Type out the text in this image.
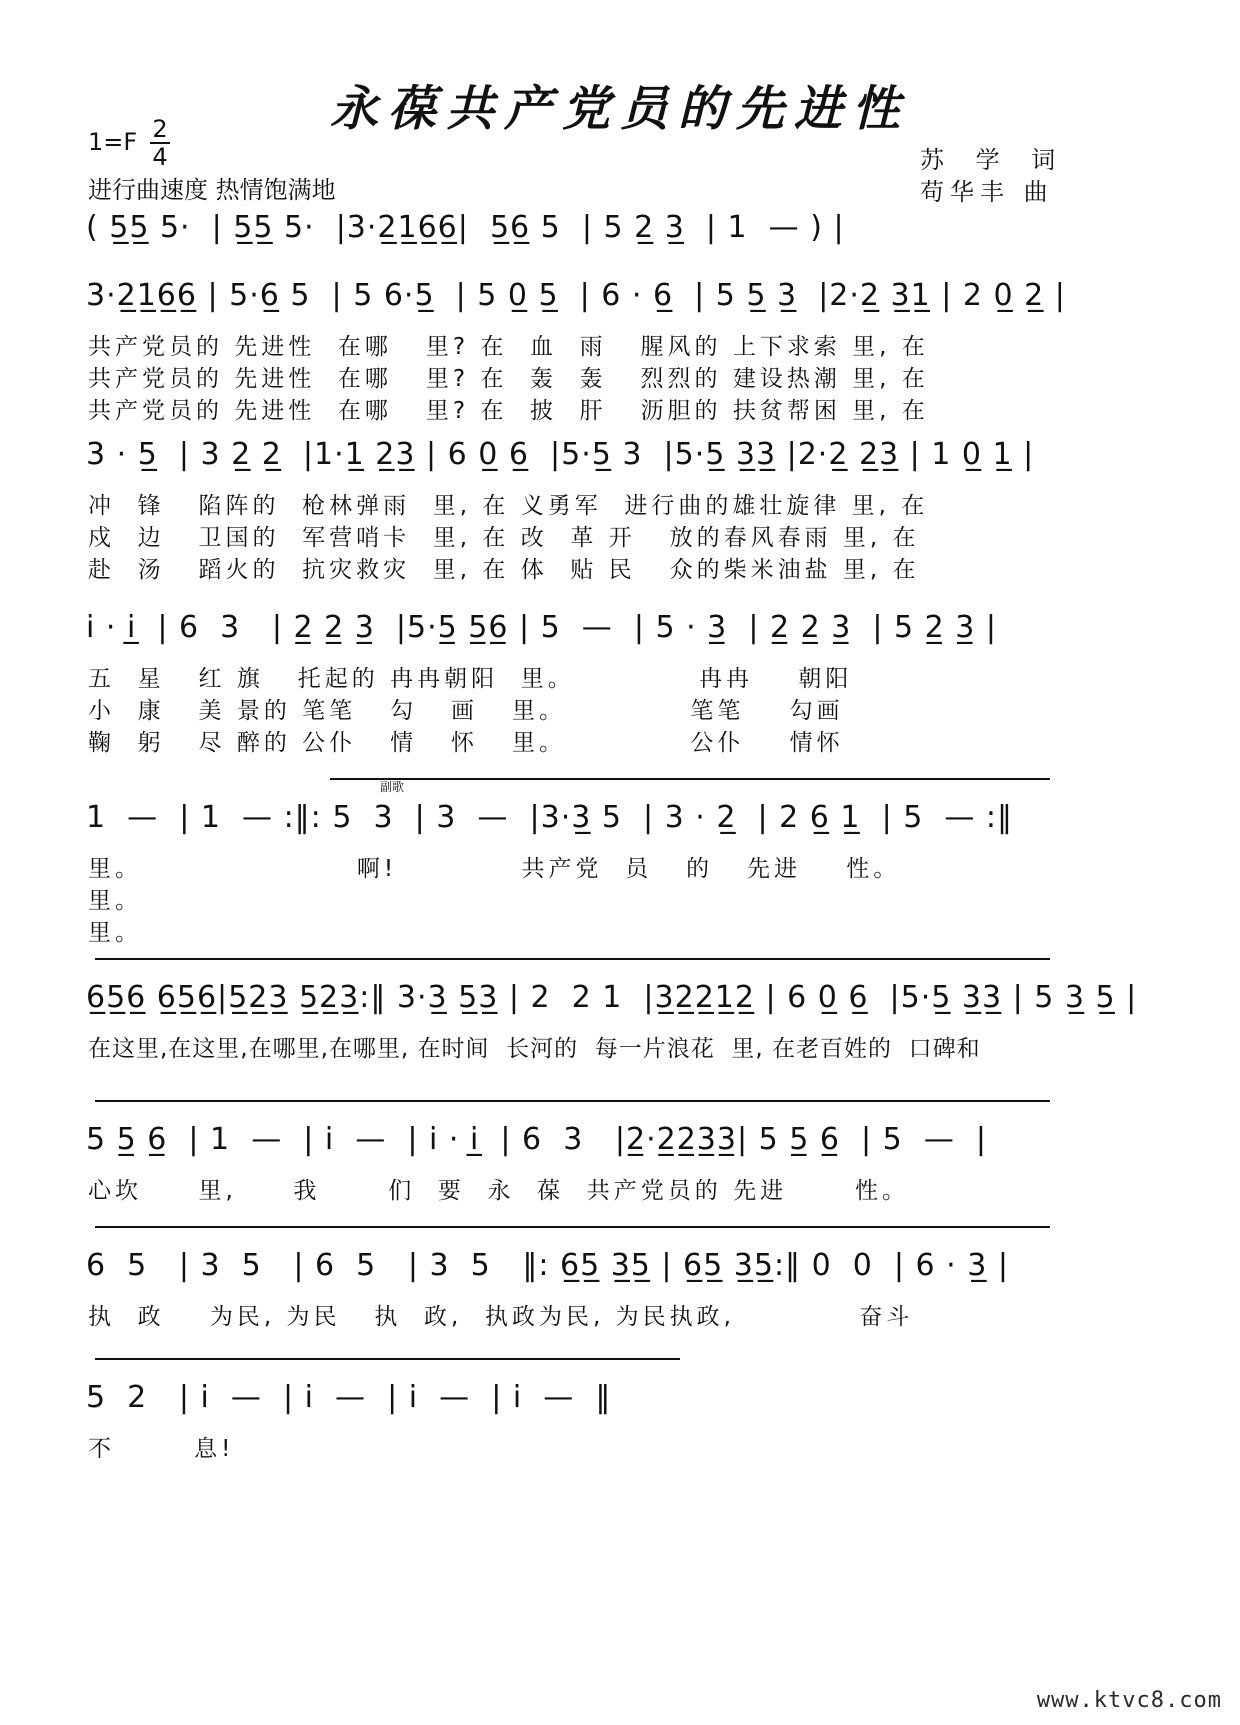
永葆共产党员的先进性
1=F 2
4
进行曲速度 热情饱满地
苏 学 词
苟华丰 曲
( 5̲5̲ 5·  | 5̲5̲ 5·  |3·2̲1̲6̲6̲|  5̲6̲ 5  | 5 2̲ 3̲  | 1  — ) |
3·2̲1̲6̲6̲ | 5·6̲ 5  | 5 6·5̲  | 5 0̲ 5̲  | 6 · 6̲  | 5 5̲ 3̲  |2·2̲ 3̲1̲ | 2 0̲ 2̲ |
共产党员的 先进性  在哪   里? 在  血  雨   腥风的 上下求索 里, 在
共产党员的 先进性  在哪   里? 在  轰  轰   烈烈的 建设热潮 里, 在
共产党员的 先进性  在哪   里? 在  披  肝   沥胆的 扶贫帮困 里, 在
3 · 5̲  | 3 2̲ 2̲  |1·1̲ 2̲3̲ | 6 0̲ 6̲  |5·5̲ 3  |5·5̲ 3̲3̲ |2·2̲ 2̲3̲ | 1 0̲ 1̲ |
冲  锋   陷阵的  枪林弹雨  里, 在 义勇军  进行曲的雄壮旋律 里, 在
戍  边   卫国的  军营哨卡  里, 在 改  革 开   放的春风春雨 里, 在
赴  汤   蹈火的  抗灾救灾  里, 在 体  贴 民   众的柴米油盐 里, 在
i · i̲  | 6  3   | 2̲ 2̲ 3̲  |5·5̲ 5̲6̲ | 5  —  | 5 · 3̲  | 2̲ 2̲ 3̲  | 5 2̲ 3̲ |
五  星   红 旗   托起的 冉冉朝阳  里。           冉冉    朝阳
小  康   美 景的 笔笔   勾   画   里。           笔笔    勾画
鞠  躬   尽 醉的 公仆   情   怀   里。           公仆    情怀
1  —  | 1  — :‖: 5  3  | 3  —  |3·3̲ 5  | 3 · 2̲  | 2 6̲ 1̲  | 5  — :‖
里。                   啊!           共产党  员   的   先进    性。
里。
里。
6̲5̲6̲ 6̲5̲6̲|5̲2̲3̲ 5̲2̲3̲:‖ 3·3̲ 5̲3̲ | 2  2 1  |3̲2̲2̲1̲2̲ | 6 0̲ 6̲  |5·5̲ 3̲3̲ | 5 3̲ 5̲ |
在这里,在这里,在哪里,在哪里, 在时间  长河的  每一片浪花  里, 在老百姓的  口碑和
5 5̲ 6̲  | 1  —  | i  —  | i · i̲  | 6  3   |2̲·2̲2̲3̲3̲| 5 5̲ 6̲  | 5  —  |
心坎     里,     我      们  要  永  葆  共产党员的 先进      性。
6  5   | 3  5   | 6  5   | 3  5   ‖: 6̲5̲ 3̲5̲ | 6̲5̲ 3̲5̲:‖ 0  0  | 6 · 3̲ |
执  政    为民, 为民   执  政,  执政为民, 为民执政,           奋斗
5  2   | i  —  | i  —  | i  —  | i  —  ‖
不       息!
副歌
www.ktvc8.com
